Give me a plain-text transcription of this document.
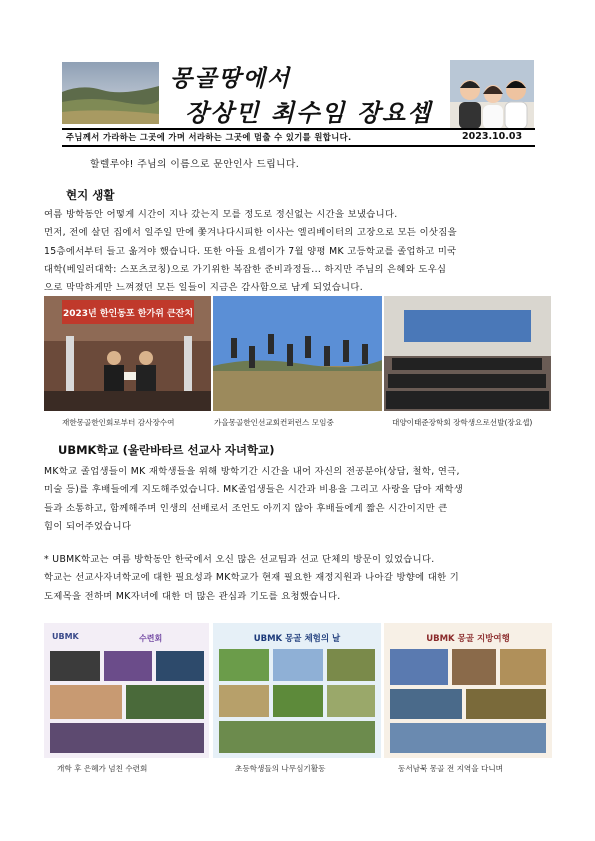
몽골땅에서
장상민 최수임 장요셉
주님께서 가라하는 그곳에 가며 서라하는 그곳에 멈출 수 있기를 원합니다.	2023.10.03
할렐루야! 주님의 이름으로 문안인사 드립니다.
현지 생활
여름 방학동안 어떻게 시간이 지나 갔는지 모를 정도로 정신없는 시간을 보냈습니다.
먼저, 전에 살던 집에서 일주일 만에 쫓겨나다시피한 이사는 엘리베이터의 고장으로 모든 이삿짐을
15층에서부터 들고 옮겨야 했습니다. 또한 아들 요셉이가 7월 양평 MK 고등학교를 졸업하고 미국
대학(베일러대학: 스포츠코칭)으로 가기위한 복잡한 준비과정들... 하지만 주님의 은혜와 도우심
으로 막막하게만 느껴졌던 모든 일들이 지금은 감사함으로 남게 되었습니다.
2023년 한인동포 한가위 큰잔치
재한몽골한인회로부터 감사장수여	가을몽골한인선교회컨퍼런스 모임중	대양이태준장학회 장학생으로선발(장요셉)
UBMK학교 (울란바타르 선교사 자녀학교)
MK학교 졸업생들이 MK 재학생들을 위해 방학기간 시간을 내어 자신의 전공분야(상담, 철학, 연극,
미술 등)를 후배들에게 지도해주었습니다. MK졸업생들은 시간과 비용을 그리고 사랑을 담아 재학생
들과 소통하고, 함께해주며 인생의 선배로서 조언도 아끼지 않아 후배들에게 짧은 시간이지만 큰
힘이 되어주었습니다
* UBMK학교는 여름 방학동안 한국에서 오신 많은 선교팀과 선교 단체의 방문이 있었습니다.
학교는 선교사자녀학교에 대한 필요성과 MK학교가 현재 필요한 재정지원과 나아갈 방향에 대한 기
도제목을 전하며 MK자녀에 대한 더 많은 관심과 기도를 요청했습니다.
UBMK	수련회	UBMK 몽골 체험의 날	UBMK 몽골 지방여행
개학 후 은혜가 넘친 수련회	초등학생들의 나무심기활동	동서남북 몽골 전 지역을 다니며
